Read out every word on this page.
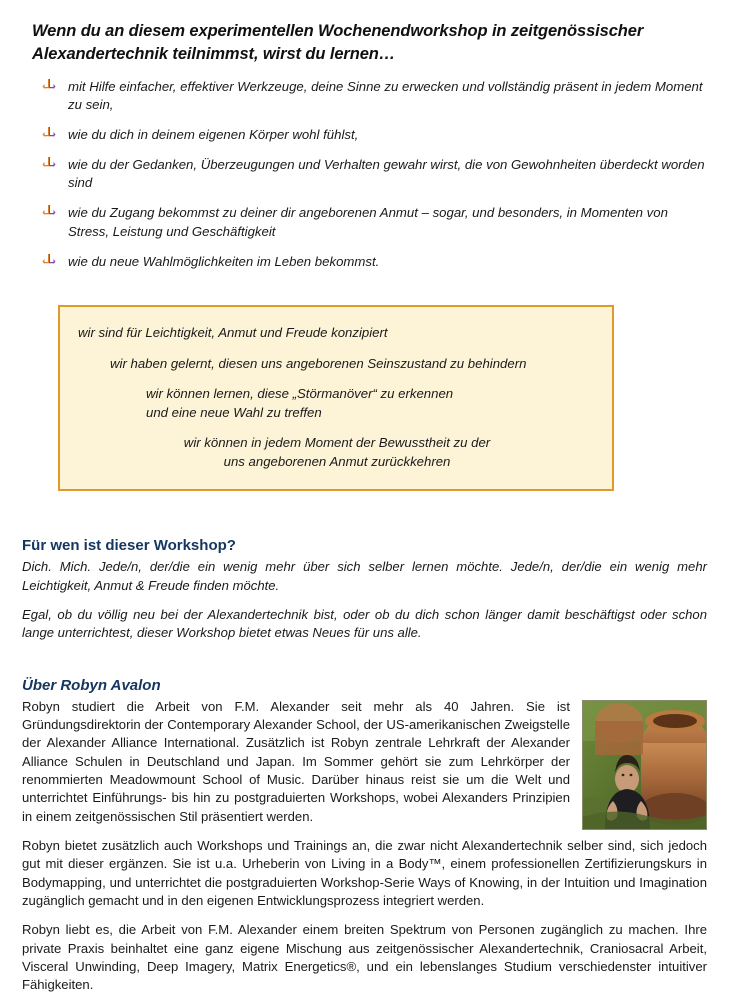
Wenn du an diesem experimentellen Wochenendworkshop in zeitgenössischer Alexandertechnik teilnimmst, wirst du lernen…
mit Hilfe einfacher, effektiver Werkzeuge, deine Sinne zu erwecken und vollständig präsent in jedem Moment zu sein,
wie du dich in deinem eigenen Körper wohl fühlst,
wie du der Gedanken, Überzeugungen und Verhalten gewahr wirst, die von Gewohnheiten überdeckt worden sind
wie du Zugang bekommst zu deiner dir angeborenen Anmut – sogar, und besonders, in Momenten von Stress, Leistung und Geschäftigkeit
wie du neue Wahlmöglichkeiten im Leben bekommst.
wir sind für Leichtigkeit, Anmut und Freude konzipiert
wir haben gelernt, diesen uns angeborenen Seinszustand zu behindern
wir können lernen, diese „Störmanöver“ zu erkennen und eine neue Wahl zu treffen
wir können in jedem Moment der Bewusstheit zu der uns angeborenen Anmut zurückkehren
Für wen ist dieser Workshop?

Dich. Mich. Jede/n, der/die ein wenig mehr über sich selber lernen möchte. Jede/n, der/die ein wenig mehr Leichtigkeit, Anmut & Freude finden möchte.

Egal, ob du völlig neu bei der Alexandertechnik bist, oder ob du dich schon länger damit beschäftigst oder schon lange unterrichtest, dieser Workshop bietet etwas Neues für uns alle.

Über Robyn Avalon

Robyn studiert die Arbeit von F.M. Alexander seit mehr als 40 Jahren. Sie ist Gründungsdirektorin der Contemporary Alexander School, der US-amerikanischen Zweigstelle der Alexander Alliance International. Zusätzlich ist Robyn zentrale Lehrkraft der Alexander Alliance Schulen in Deutschland und Japan. Im Sommer gehört sie zum Lehrkörper der renommierten Meadowmount School of Music. Darüber hinaus reist sie um die Welt und unterrichtet Einführungs- bis hin zu postgraduierten Workshops, wobei Alexanders Prinzipien in einem zeitgenössischen Stil präsentiert werden.

Robyn bietet zusätzlich auch Workshops und Trainings an, die zwar nicht Alexandertechnik selber sind, sich jedoch gut mit dieser ergänzen. Sie ist u.a. Urheberin von Living in a Body™, einem professionellen Zertifizierungskurs in Bodymapping, und unterrichtet die postgraduierten Workshop-Serie Ways of Knowing, in der Intuition und Imagination zugänglich gemacht und in den eigenen Entwicklungsprozess integriert werden.

Robyn liebt es, die Arbeit von F.M. Alexander einem breiten Spektrum von Personen zugänglich zu machen. Ihre private Praxis beinhaltet eine ganz eigene Mischung aus zeitgenössischer Alexandertechnik, Craniosacral Arbeit, Visceral Unwinding, Deep Imagery, Matrix Energetics®, und ein lebenslanges Studium verschiedenster intuitiver Fähigkeiten.
